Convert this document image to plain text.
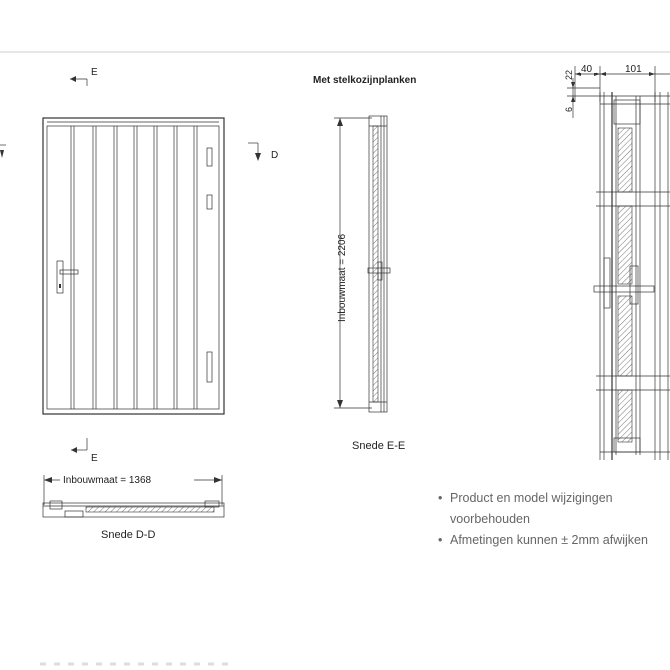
E
E
D
Met stelkozijnplanken
Inbouwmaat = 2206
Snede E-E
Inbouwmaat = 1368
Snede D-D
40	101
22
6
• Product en model wijzigingen
voorbehouden
• Afmetingen kunnen ± 2mm afwijken
